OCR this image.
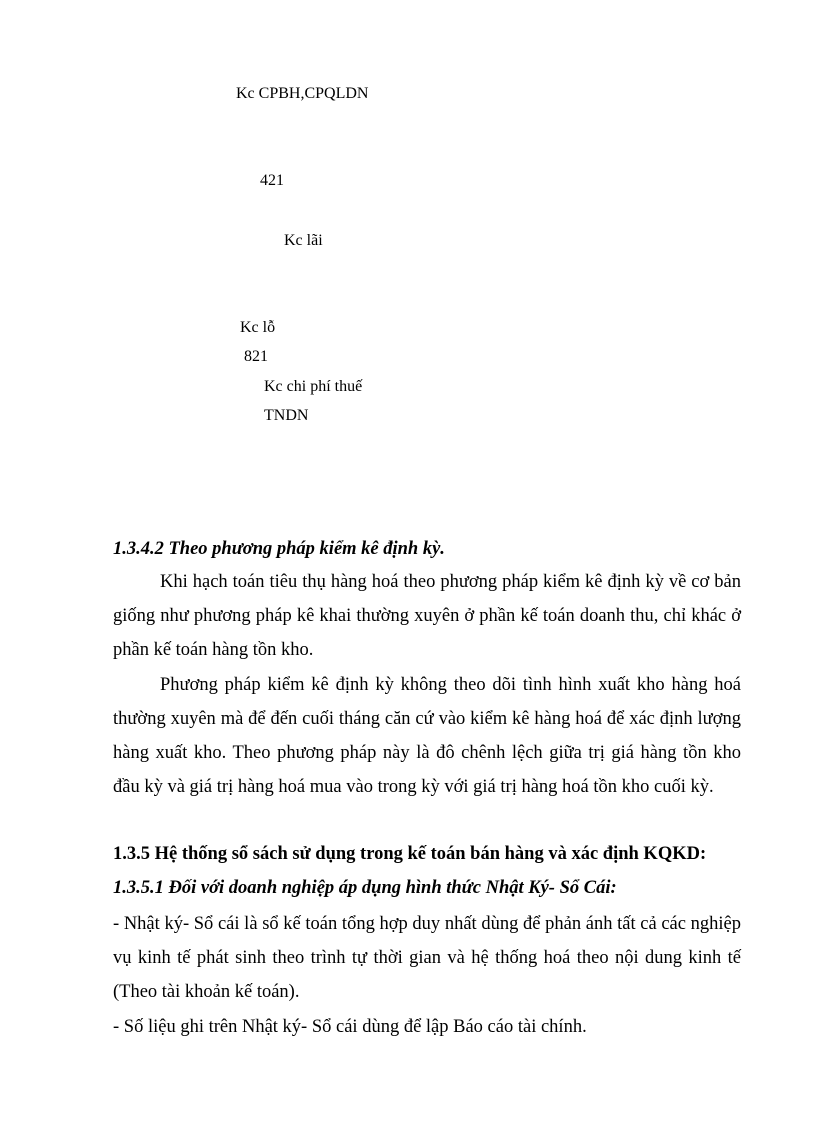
Kc CPBH,CPQLDN
421
Kc lãi
Kc lỗ
821
Kc chi phí thuế
TNDN
1.3.4.2 Theo phương pháp kiểm kê định kỳ.
Khi hạch toán tiêu thụ hàng hoá theo phương pháp kiểm kê định kỳ về cơ bản giống như phương pháp kê khai thường xuyên ở phần kế toán doanh thu, chỉ khác ở phần kế toán hàng tồn kho.
Phương pháp kiểm kê định kỳ không theo dõi tình hình xuất kho hàng hoá thường xuyên mà để đến cuối tháng căn cứ vào kiểm kê hàng hoá để xác định lượng hàng xuất kho. Theo phương pháp này là đô chênh lệch giữa trị giá hàng tồn kho đầu kỳ và giá trị hàng hoá mua vào trong kỳ với giá trị hàng hoá tồn kho cuối kỳ.
1.3.5 Hệ thống sổ sách sử dụng trong kế toán bán hàng và xác định KQKD:
1.3.5.1 Đối với doanh nghiệp áp dụng hình thức Nhật Ký- Sổ Cái:
- Nhật ký- Sổ cái là sổ kế toán tổng hợp duy nhất dùng để phản ánh tất cả các nghiệp vụ kinh tế phát sinh theo trình tự thời gian và hệ thống hoá theo nội dung kinh tế (Theo tài khoản kế toán).
- Số liệu ghi trên Nhật ký- Sổ cái dùng để lập Báo cáo tài chính.
